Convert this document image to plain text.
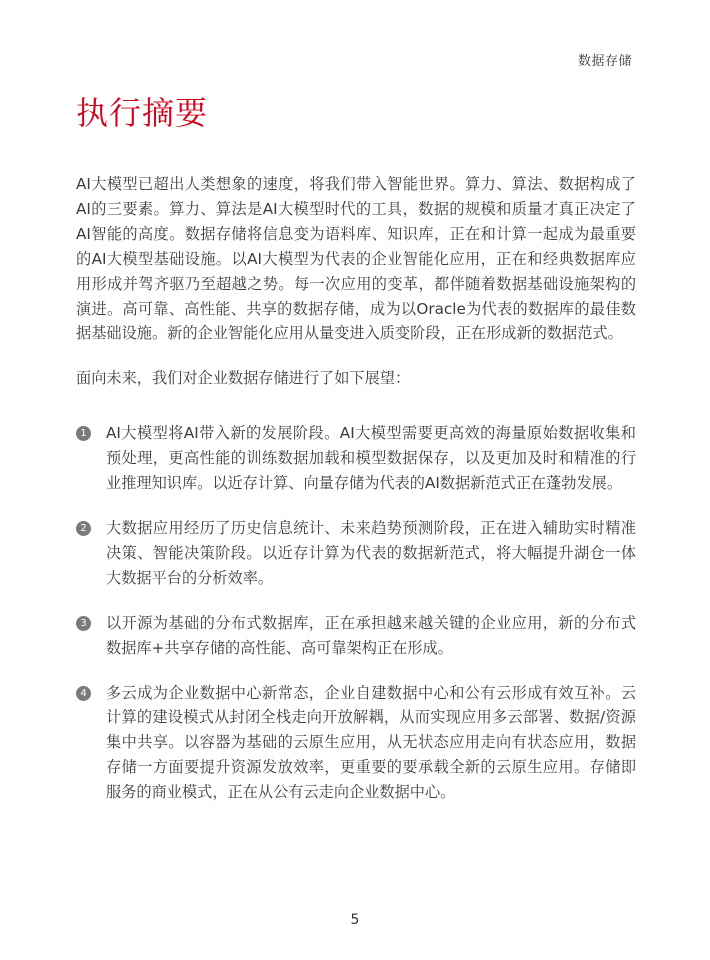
数据存储
执行摘要

AI大模型已超出人类想象的速度，将我们带入智能世界。算力、算法、数据构成了AI的三要素。算力、算法是AI大模型时代的工具，数据的规模和质量才真正决定了AI智能的高度。数据存储将信息变为语料库、知识库，正在和计算一起成为最重要的AI大模型基础设施。以AI大模型为代表的企业智能化应用，正在和经典数据库应用形成并驾齐驱乃至超越之势。每一次应用的变革，都伴随着数据基础设施架构的演进。高可靠、高性能、共享的数据存储，成为以Oracle为代表的数据库的最佳数据基础设施。新的企业智能化应用从量变进入质变阶段，正在形成新的数据范式。

面向未来，我们对企业数据存储进行了如下展望：

1 AI大模型将AI带入新的发展阶段。AI大模型需要更高效的海量原始数据收集和预处理，更高性能的训练数据加载和模型数据保存，以及更加及时和精准的行业推理知识库。以近存计算、向量存储为代表的AI数据新范式正在蓬勃发展。

2 大数据应用经历了历史信息统计、未来趋势预测阶段，正在进入辅助实时精准决策、智能决策阶段。以近存计算为代表的数据新范式，将大幅提升湖仓一体大数据平台的分析效率。

3 以开源为基础的分布式数据库，正在承担越来越关键的企业应用，新的分布式数据库+共享存储的高性能、高可靠架构正在形成。

4 多云成为企业数据中心新常态，企业自建数据中心和公有云形成有效互补。云计算的建设模式从封闭全栈走向开放解耦，从而实现应用多云部署、数据/资源集中共享。以容器为基础的云原生应用，从无状态应用走向有状态应用，数据存储一方面要提升资源发放效率，更重要的要承载全新的云原生应用。存储即服务的商业模式，正在从公有云走向企业数据中心。

5
